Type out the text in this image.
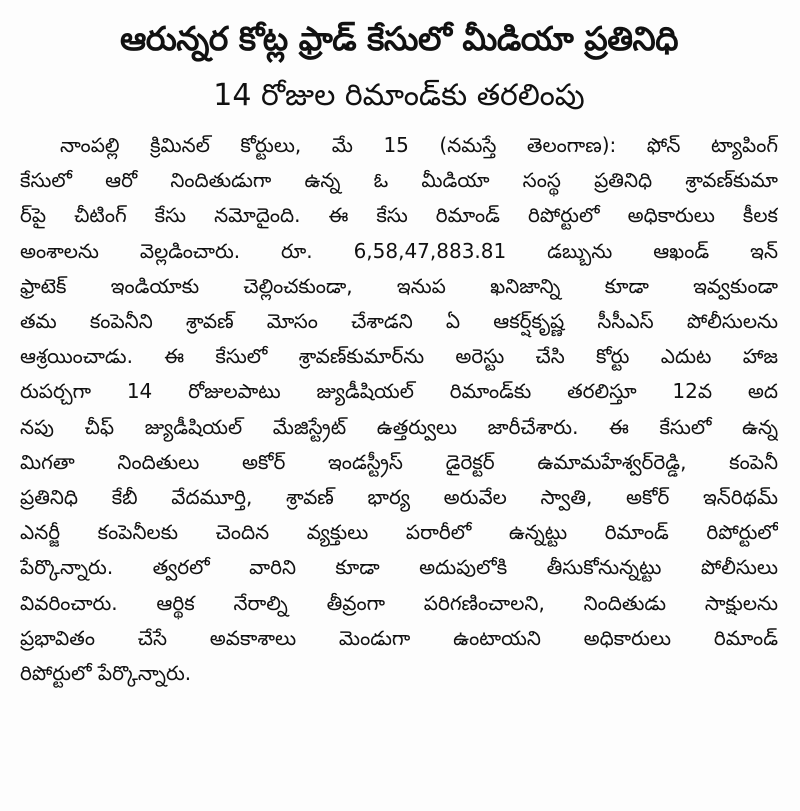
ఆరున్నర కోట్ల ఫ్రాడ్ కేసులో మీడియా ప్రతినిధి
14 రోజుల రిమాండ్‌కు తరలింపు
నాంపల్లి క్రిమినల్ కోర్టులు, మే 15 (నమస్తే తెలంగాణ): ఫోన్ ట్యాపింగ్
కేసులో ఆరో నిందితుడుగా ఉన్న ఓ మీడియా సంస్థ ప్రతినిధి శ్రావణ్‌కుమా
ర్‌పై చీటింగ్ కేసు నమోదైంది. ఈ కేసు రిమాండ్ రిపోర్టులో అధికారులు కీలక
అంశాలను వెల్లడించారు. రూ. 6,58,47,883.81 డబ్బును ఆఖండ్ ఇన్
ఫ్రాటెక్ ఇండియాకు చెల్లించకుండా, ఇనుప ఖనిజాన్ని కూడా ఇవ్వకుండా
తమ కంపెనీని శ్రావణ్ మోసం చేశాడని ఏ ఆకర్ష్‌కృష్ణ సీసీఎస్ పోలీసులను
ఆశ్రయించాడు. ఈ కేసులో శ్రావణ్‌కుమార్‌ను అరెస్టు చేసి కోర్టు ఎదుట హాజ
రుపర్చగా 14 రోజులపాటు జ్యుడీషియల్ రిమాండ్‌కు తరలిస్తూ 12వ అద
నపు చీఫ్ జ్యుడీషియల్ మేజిస్ట్రేట్ ఉత్తర్వులు జారీచేశారు. ఈ కేసులో ఉన్న
మిగతా నిందితులు అకోర్ ఇండస్ట్రీస్ డైరెక్టర్ ఉమామహేశ్వర్‌రెడ్డి, కంపెనీ
ప్రతినిధి కేబీ వేదమూర్తి, శ్రావణ్ భార్య అరువేల స్వాతి, అకోర్ ఇన్‌రిథమ్
ఎనర్జీ కంపెనీలకు చెందిన వ్యక్తులు పరారీలో ఉన్నట్టు రిమాండ్ రిపోర్టులో
పేర్కొన్నారు. త్వరలో వారిని కూడా అదుపులోకి తీసుకోనున్నట్టు పోలీసులు
వివరించారు. ఆర్థిక నేరాల్ని తీవ్రంగా పరిగణించాలని, నిందితుడు సాక్షులను
ప్రభావితం చేసే అవకాశాలు మెండుగా ఉంటాయని అధికారులు రిమాండ్
రిపోర్టులో పేర్కొన్నారు.
